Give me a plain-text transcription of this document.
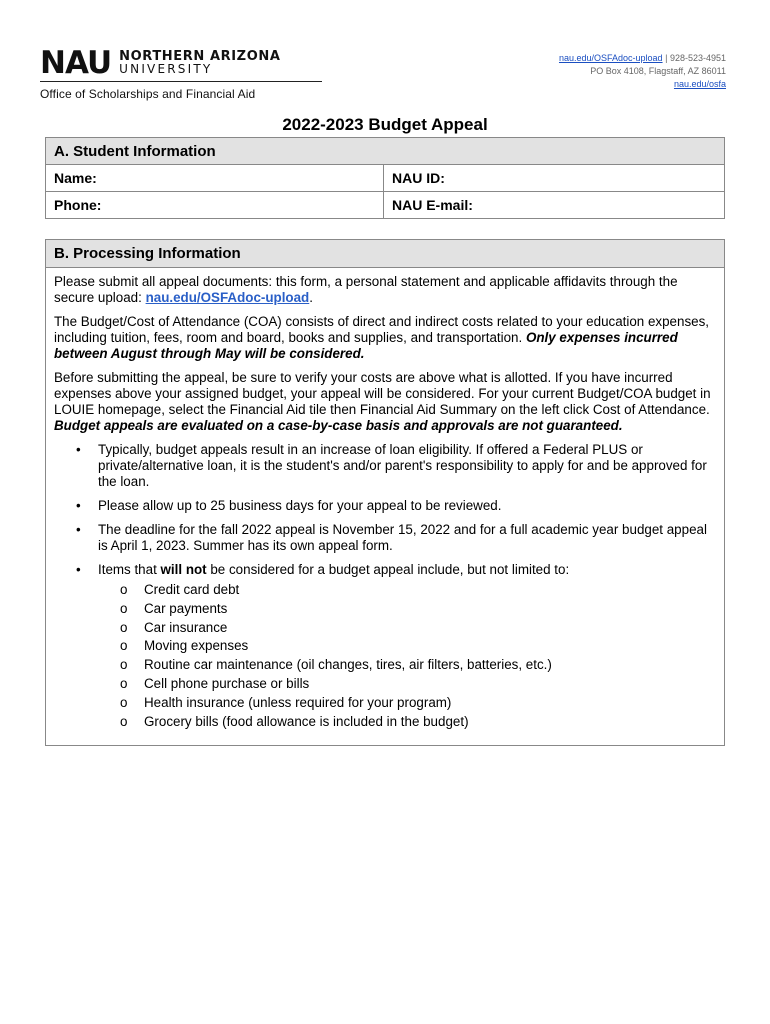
NAU NORTHERN ARIZONA
UNIVERSITY
Office of Scholarships and Financial Aid
nau.edu/OSFAdoc-upload | 928-523-4951
PO Box 4108, Flagstaff, AZ 86011
nau.edu/osfa
2022-2023 Budget Appeal
A. Student Information	
Name:	NAU ID:
Phone:	NAU E-mail:
B. Processing Information

Please submit all appeal documents: this form, a personal statement and applicable affidavits through the secure upload: nau.edu/OSFAdoc-upload.

The Budget/Cost of Attendance (COA) consists of direct and indirect costs related to your education expenses, including tuition, fees, room and board, books and supplies, and transportation. Only expenses incurred between August through May will be considered.

Before submitting the appeal, be sure to verify your costs are above what is allotted. If you have incurred expenses above your assigned budget, your appeal will be considered. For your current Budget/COA budget in LOUIE homepage, select the Financial Aid tile then Financial Aid Summary on the left click Cost of Attendance. Budget appeals are evaluated on a case-by-case basis and approvals are not guaranteed.

• Typically, budget appeals result in an increase of loan eligibility. If offered a Federal PLUS or private/alternative loan, it is the student's and/or parent's responsibility to apply for and be approved for the loan.
• Please allow up to 25 business days for your appeal to be reviewed.
• The deadline for the fall 2022 appeal is November 15, 2022 and for a full academic year budget appeal is April 1, 2023. Summer has its own appeal form.
• Items that will not be considered for a budget appeal include, but not limited to:
o Credit card debt
o Car payments
o Car insurance
o Moving expenses
o Routine car maintenance (oil changes, tires, air filters, batteries, etc.)
o Cell phone purchase or bills
o Health insurance (unless required for your program)
o Grocery bills (food allowance is included in the budget)
